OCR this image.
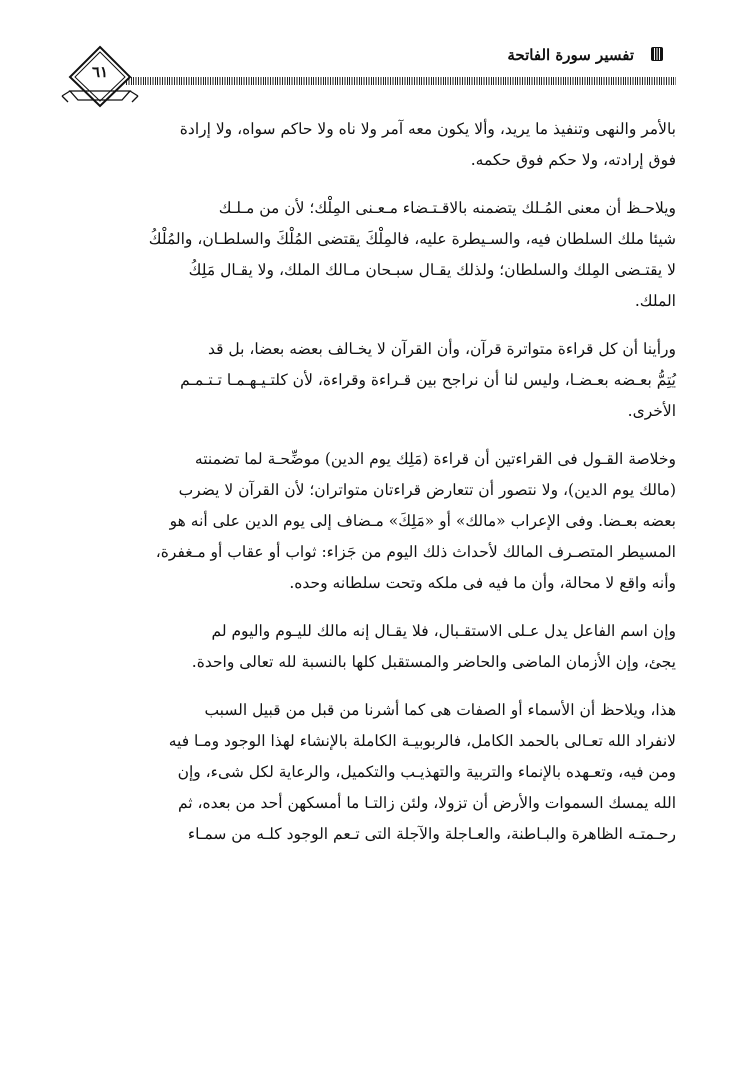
تفسير سورة الفاتحة
٦١

بالأمر والنهى وتنفيذ ما يريد، وألا يكون معه آمر ولا ناه ولا حاكم سواه، ولا إرادة
فوق إرادته، ولا حكم فوق حكمه.

ويلاحـظ أن معنى المُـلك يتضمنه بالاقـتـضاء مـعـنى المِلْك؛ لأن من مـلـك
شيئا ملك السلطان فيه، والسـيطرة عليه، فالمِلْكَ يقتضى المُلْكَ والسلطـان، والمُلْكُ
لا يقتـضى المِلك والسلطان؛ ولذلك يقـال سبـحان مـالك الملك، ولا يقـال مَلِكُ
الملك.

ورأينا أن كل قراءة متواترة قرآن، وأن القرآن لا يخـالف بعضه بعضا، بل قد
يُتِمُّ بعـضه بعـضـا، وليس لنا أن نراجح بين قـراءة وقراءة، لأن كلتـيـهـمـا تـتـمـم
الأخرى.

وخلاصة القـول فى القراءتين أن قراءة (مَلِك يوم الدين) موضِّحـة لما تضمنته
(مالك يوم الدين)، ولا نتصور أن تتعارض قراءتان متواتران؛ لأن القرآن لا يضرب
بعضه بعـضا. وفى الإعراب «مالك» أو «مَلِكَ» مـضاف إلى يوم الدين على أنه هو
المسيطر المتصـرف المالك لأحداث ذلك اليوم من جَزاء: ثواب أو عقاب أو مـغفرة،
وأنه واقع لا محالة، وأن ما فيه فى ملكه وتحت سلطانه وحده.

وإن اسم الفاعل يدل عـلى الاستقـبال، فلا يقـال إنه مالك لليـوم واليوم لم
يجئ، وإن الأزمان الماضى والحاضر والمستقبل كلها بالنسبة لله تعالى واحدة.

هذا، ويلاحظ أن الأسماء أو الصفات هى كما أشرنا من قبل من قبيل السبب
لانفراد الله تعـالى بالحمد الكامل، فالربوبيـة الكاملة بالإنشاء لهذا الوجود ومـا فيه
ومن فيه، وتعـهده بالإنماء والتربية والتهذيـب والتكميل، والرعاية لكل شىء، وإن
الله يمسك السموات والأرض أن تزولا، ولئن زالتـا ما أمسكهن أحد من بعده، ثم
رحـمتـه الظاهرة والبـاطنة، والعـاجلة والآجلة التى تـعم الوجود كلـه من سمـاء
